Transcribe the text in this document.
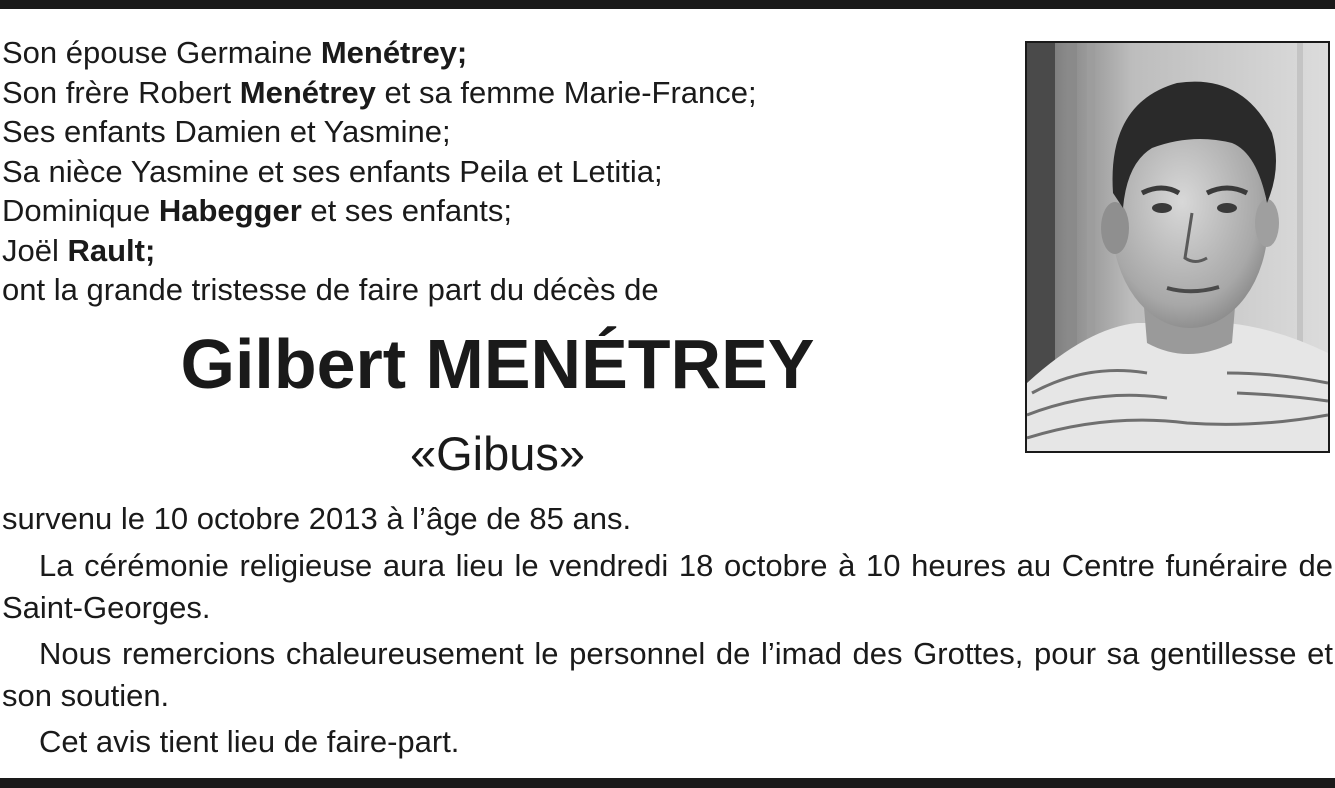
Son épouse Germaine Menétrey;
Son frère Robert Menétrey et sa femme Marie-France;
Ses enfants Damien et Yasmine;
Sa nièce Yasmine et ses enfants Peila et Letitia;
Dominique Habegger et ses enfants;
Joël Rault;
ont la grande tristesse de faire part du décès de
Gilbert MENÉTREY
«Gibus»

survenu le 10 octobre 2013 à l’âge de 85 ans.

La cérémonie religieuse aura lieu le vendredi 18 octobre à 10 heures au Centre funéraire de Saint-Georges.

Nous remercions chaleureusement le personnel de l’imad des Grottes, pour sa gentillesse et son soutien.

Cet avis tient lieu de faire-part.
